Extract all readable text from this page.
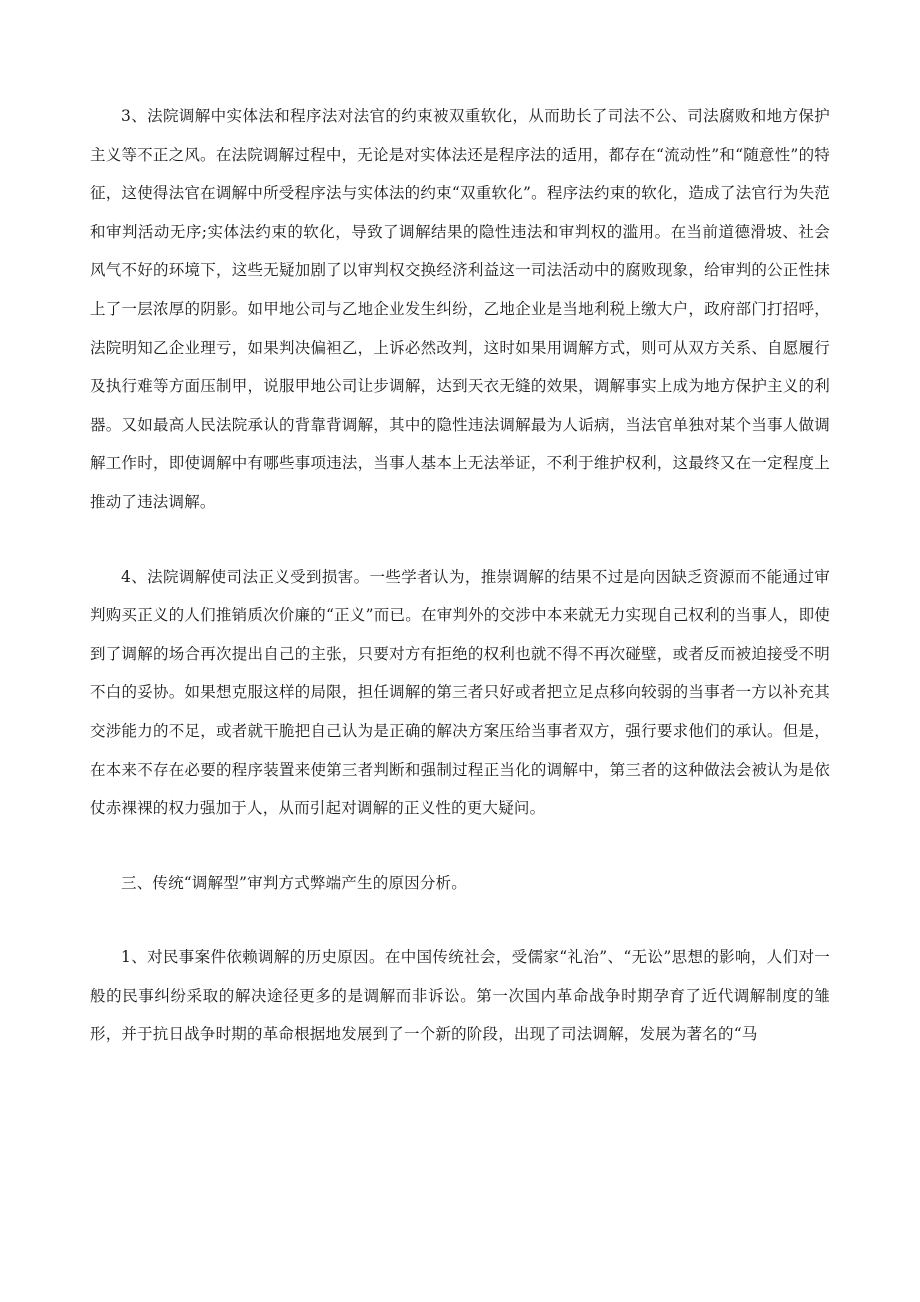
3、法院调解中实体法和程序法对法官的约束被双重软化，从而助长了司法不公、司法腐败和地方保护主义等不正之风。在法院调解过程中，无论是对实体法还是程序法的适用，都存在“流动性”和“随意性”的特征，这使得法官在调解中所受程序法与实体法的约束“双重软化”。程序法约束的软化，造成了法官行为失范和审判活动无序;实体法约束的软化，导致了调解结果的隐性违法和审判权的滥用。在当前道德滑坡、社会风气不好的环境下，这些无疑加剧了以审判权交换经济利益这一司法活动中的腐败现象，给审判的公正性抹上了一层浓厚的阴影。如甲地公司与乙地企业发生纠纷，乙地企业是当地利税上缴大户，政府部门打招呼，法院明知乙企业理亏，如果判决偏袒乙，上诉必然改判，这时如果用调解方式，则可从双方关系、自愿履行及执行难等方面压制甲，说服甲地公司让步调解，达到天衣无缝的效果，调解事实上成为地方保护主义的利器。又如最高人民法院承认的背靠背调解，其中的隐性违法调解最为人诟病，当法官单独对某个当事人做调解工作时，即使调解中有哪些事项违法，当事人基本上无法举证，不利于维护权利，这最终又在一定程度上推动了违法调解。

4、法院调解使司法正义受到损害。一些学者认为，推崇调解的结果不过是向因缺乏资源而不能通过审判购买正义的人们推销质次价廉的“正义”而已。在审判外的交涉中本来就无力实现自己权利的当事人，即使到了调解的场合再次提出自己的主张，只要对方有拒绝的权利也就不得不再次碰壁，或者反而被迫接受不明不白的妥协。如果想克服这样的局限，担任调解的第三者只好或者把立足点移向较弱的当事者一方以补充其交涉能力的不足，或者就干脆把自己认为是正确的解决方案压给当事者双方，强行要求他们的承认。但是，在本来不存在必要的程序装置来使第三者判断和强制过程正当化的调解中，第三者的这种做法会被认为是依仗赤裸裸的权力强加于人，从而引起对调解的正义性的更大疑问。

三、传统“调解型”审判方式弊端产生的原因分析。

1、对民事案件依赖调解的历史原因。在中国传统社会，受儒家“礼治”、“无讼”思想的影响，人们对一般的民事纠纷采取的解决途径更多的是调解而非诉讼。第一次国内革命战争时期孕育了近代调解制度的雏形，并于抗日战争时期的革命根据地发展到了一个新的阶段，出现了司法调解，发展为著名的“马
